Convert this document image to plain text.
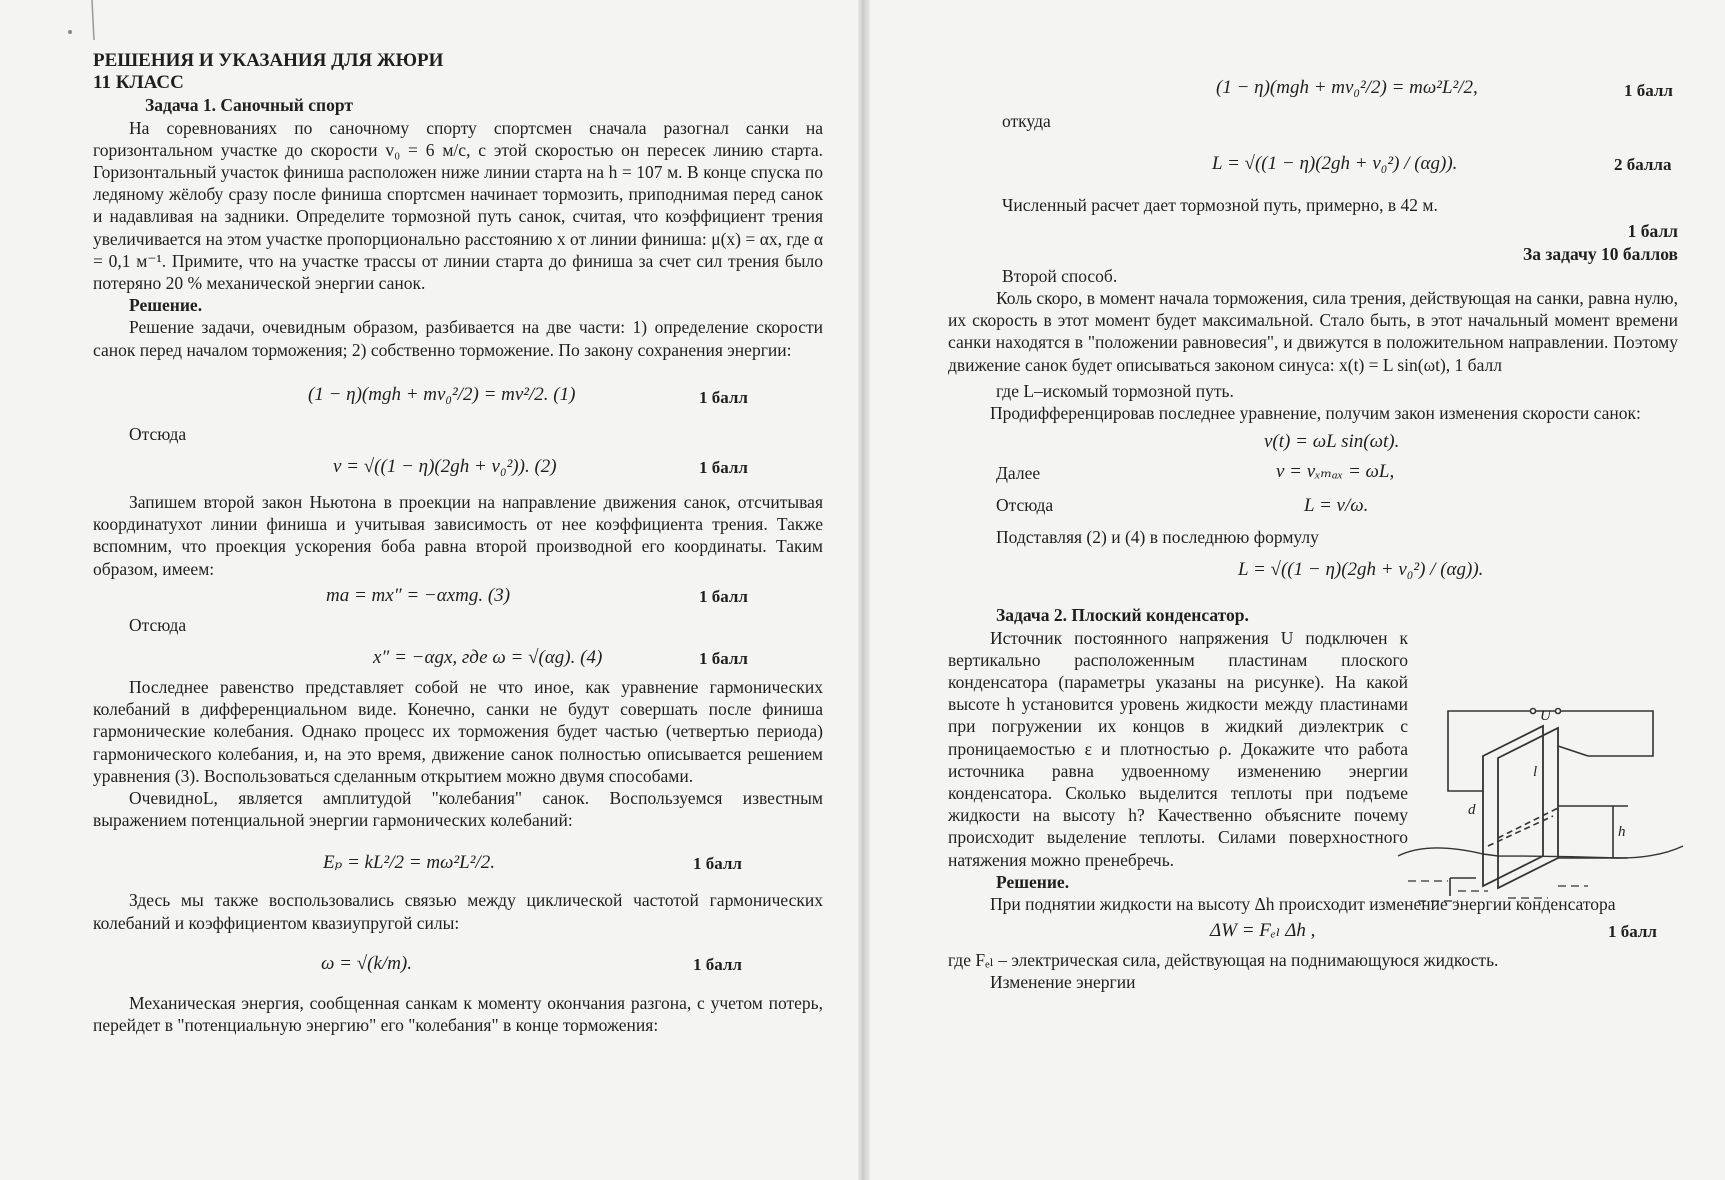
РЕШЕНИЯ И УКАЗАНИЯ ДЛЯ ЖЮРИ

11 КЛАСС

Задача 1. Саночный спорт

На соревнованиях по саночному спорту спортсмен сначала разогнал санки на горизонтальном участке до скорости v₀ = 6 м/с, с этой скоростью он пересек линию старта. Горизонтальный участок финиша расположен ниже линии старта на h = 107 м. В конце спуска по ледяному жёлобу сразу после финиша спортсмен начинает тормозить, приподнимая перед санок и надавливая на задники. Определите тормозной путь санок, считая, что коэффициент трения увеличивается на этом участке пропорционально расстоянию x от линии финиша: μ(x) = αx, где α = 0,1 м⁻¹. Примите, что на участке трассы от линии старта до финиша за счет сил трения было потеряно 20 % механической энергии санок.

Решение.

Решение задачи, очевидным образом, разбивается на две части: 1) определение скорости санок перед началом торможения; 2) собственно торможение. По закону сохранения энергии:

(1 − η)(mgh + mv₀²/2) = mv²/2. (1)	1 балл

Отсюда

v = √((1 − η)(2gh + v₀²)). (2)	1 балл

Запишем второй закон Ньютона в проекции на направление движения санок, отсчитывая координатухот линии финиша и учитывая зависимость от нее коэффициента трения. Также вспомним, что проекция ускорения боба равна второй производной его координаты. Таким образом, имеем:

ma = mx″ = −αxmg. (3)	1 балл

Отсюда

x″ = −αgx, где ω = √(αg). (4)	1 балл

Последнее равенство представляет собой не что иное, как уравнение гармонических колебаний в дифференциальном виде. Конечно, санки не будут совершать после финиша гармонические колебания. Однако процесс их торможения будет частью (четвертью периода) гармонического колебания, и, на это время, движение санок полностью описывается решением уравнения (3). Воспользоваться сделанным открытием можно двумя способами.

ОчевидноL, является амплитудой "колебания" санок. Воспользуемся известным выражением потенциальной энергии гармонических колебаний:

Eₚ = kL²/2 = mω²L²/2.	1 балл

Здесь мы также воспользовались связью между циклической частотой гармонических колебаний и коэффициентом квазиупругой силы:

ω = √(k/m).	1 балл

Механическая энергия, сообщенная санкам к моменту окончания разгона, с учетом потерь, перейдет в "потенциальную энергию" его "колебания" в конце торможения:

(1 − η)(mgh + mv₀²/2) = mω²L²/2,	1 балл

откуда

L = √((1 − η)(2gh + v₀²) / (αg)).	2 балла

Численный расчет дает тормозной путь, примерно, в 42 м.

1 балл

За задачу 10 баллов

Второй способ.

Коль скоро, в момент начала торможения, сила трения, действующая на санки, равна нулю, их скорость в этот момент будет максимальной. Стало быть, в этот начальный момент времени санки находятся в "положении равновесия", и движутся в положительном направлении. Поэтому движение санок будет описываться законом синуса: x(t) = L sin(ωt), 1 балл

где L–искомый тормозной путь.

Продифференцировав последнее уравнение, получим закон изменения скорости санок:

v(t) = ωL sin(ωt).
Далее	v = vₓₘₐₓ = ωL,
Отсюда	L = v/ω.

Подставляя (2) и (4) в последнюю формулу

L = √((1 − η)(2gh + v₀²) / (αg)).

Задача 2. Плоский конденсатор.

Источник постоянного напряжения U подключен к вертикально расположенным пластинам плоского конденсатора (параметры указаны на рисунке). На какой высоте h установится уровень жидкости между пластинами при погружении их концов в жидкий диэлектрик с проницаемостью ε и плотностью ρ. Докажите что работа источника равна удвоенному изменению энергии конденсатора. Сколько выделится теплоты при подъеме жидкости на высоту h? Качественно объясните почему происходит выделение теплоты. Силами поверхностного натяжения можно пренебречь.

Решение.

При поднятии жидкости на высоту Δh происходит изменение энергии конденсатора

ΔW = Fₑₗ Δh ,	1 балл

где Fₑₗ – электрическая сила, действующая на поднимающуюся жидкость.

Изменение энергии

U
l
d
h
